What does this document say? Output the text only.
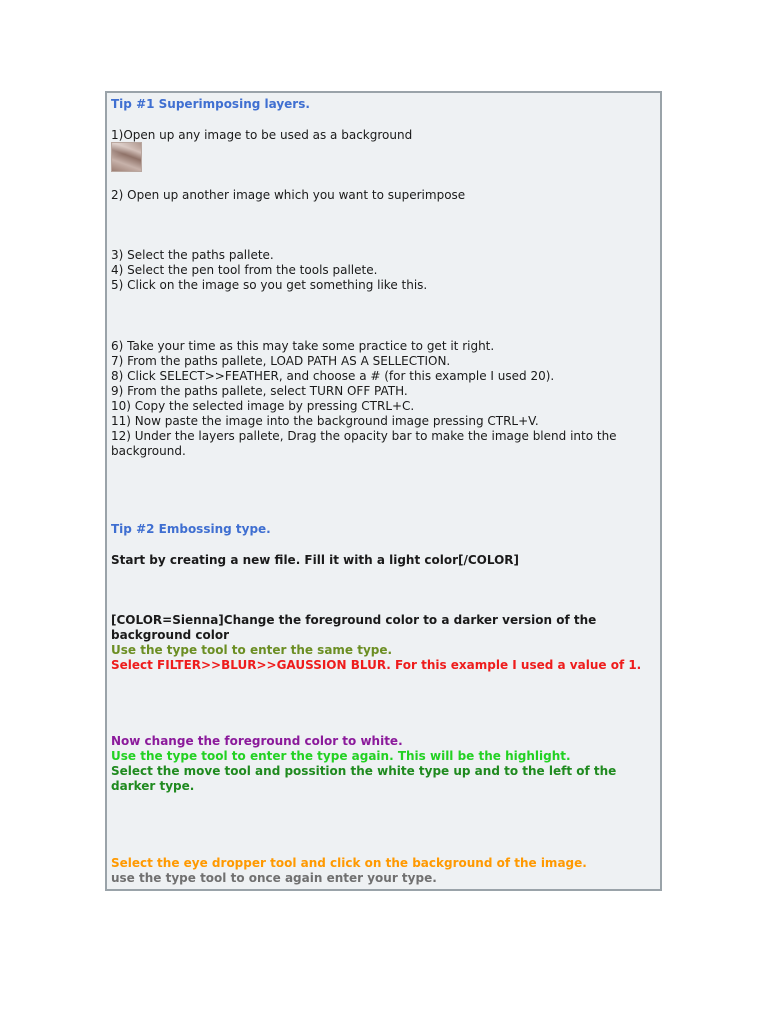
Tip #1 Superimposing layers.
1)Open up any image to be used as a background
2) Open up another image which you want to superimpose
3) Select the paths pallete.
4) Select the pen tool from the tools pallete.
5) Click on the image so you get something like this.
6) Take your time as this may take some practice to get it right.
7) From the paths pallete, LOAD PATH AS A SELLECTION.
8) Click SELECT>>FEATHER, and choose a # (for this example I used 20).
9) From the paths pallete, select TURN OFF PATH.
10) Copy the selected image by pressing CTRL+C.
11) Now paste the image into the background image pressing CTRL+V.
12) Under the layers pallete, Drag the opacity bar to make the image blend into the background.
Tip #2 Embossing type.
Start by creating a new file. Fill it with a light color[/COLOR]
[COLOR=Sienna]Change the foreground color to a darker version of the background color
Use the type tool to enter the same type.
Select FILTER>>BLUR>>GAUSSION BLUR. For this example I used a value of 1.
Now change the foreground color to white.
Use the type tool to enter the type again. This will be the highlight.
Select the move tool and possition the white type up and to the left of the darker type.
Select the eye dropper tool and click on the background of the image.
use the type tool to once again enter your type.
